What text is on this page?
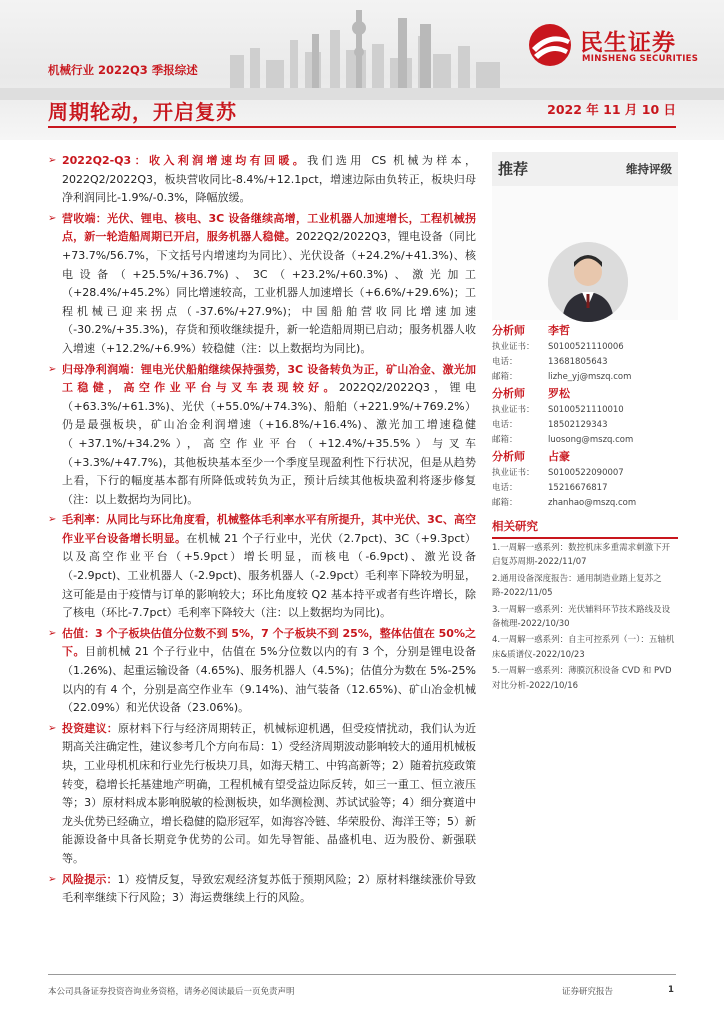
民生证券
MINSHENG SECURITIES
机械行业 2022Q3 季报综述
周期轮动，开启复苏	2022 年 11 月 10 日
➢ 2022Q2-Q3：收入利润增速均有回暖。我们选用 CS 机械为样本，2022Q2/2022Q3，板块营收同比-8.4%/+12.1pct，增速边际由负转正，板块归母净利润同比-1.9%/-0.3%，降幅放缓。
➢ 营收端：光伏、锂电、核电、3C 设备继续高增，工业机器人加速增长，工程机械拐点，新一轮造船周期已开启，服务机器人稳健。2022Q2/2022Q3，锂电设备（同比+73.7%/56.7%，下文括号内增速均为同比）、光伏设备（+24.2%/+41.3%)、核电设备（+25.5%/+36.7%)、3C（+23.2%/+60.3%)、激光加工（+28.4%/+45.2%）同比增速较高，工业机器人加速增长（+6.6%/+29.6%)；工程机械已迎来拐点（-37.6%/+27.9%)；中国船舶营收同比增速加速（-30.2%/+35.3%)，存货和预收继续提升，新一轮造船周期已启动；服务机器人收入增速（+12.2%/+6.9%）较稳健（注：以上数据均为同比)。
➢ 归母净利润端：锂电光伏船舶继续保持强势，3C 设备转负为正，矿山冶金、激光加工稳健，高空作业平台与叉车表现较好。2022Q2/2022Q3，锂电（+63.3%/+61.3%)、光伏（+55.0%/+74.3%)、船舶（+221.9%/+769.2%）仍是最强板块，矿山冶金利润增速（+16.8%/+16.4%)、激光加工增速稳健（+37.1%/+34.2%），高空作业平台（+12.4%/+35.5%）与叉车（+3.3%/+47.7%)，其他板块基本至少一个季度呈现盈利性下行状况，但是从趋势上看，下行的幅度基本都有所降低或转负为正，预计后续其他板块盈利将逐步修复（注：以上数据均为同比)。
➢ 毛利率：从同比与环比角度看，机械整体毛利率水平有所提升，其中光伏、3C、高空作业平台设备增长明显。在机械 21 个子行业中，光伏（2.7pct)、3C（+9.3pct）以及高空作业平台（+5.9pct）增长明显，而核电（-6.9pct)、激光设备（-2.9pct)、工业机器人（-2.9pct)、服务机器人（-2.9pct）毛利率下降较为明显，这可能是由于疫情与订单的影响较大；环比角度较 Q2 基本持平或者有些许增长，除了核电（环比-7.7pct）毛利率下降较大（注：以上数据均为同比)。
➢ 估值：3 个子板块估值分位数不到 5%，7 个子板块不到 25%，整体估值在 50%之下。目前机械 21 个子行业中，估值在 5%分位数以内的有 3 个，分别是锂电设备（1.26%)、起重运输设备（4.65%)、服务机器人（4.5%)；估值分为数在 5%-25%以内的有 4 个，分别是高空作业车（9.14%)、油气装备（12.65%)、矿山冶金机械（22.09%）和光伏设备（23.06%)。
➢ 投资建议：原材料下行与经济周期转正，机械标迎机遇，但受疫情扰动，我们认为近期高关注确定性，建议参考几个方向布局：1）受经济周期波动影响较大的通用机械板块，工业母机机床和行业先行板块刀具，如海天精工、中钨高新等；2）随着抗疫政策转变，稳增长托基建地产明确，工程机械有望受益边际反转，如三一重工、恒立液压等；3）原材料成本影响脱敏的检测板块，如华测检测、苏试试验等；4）细分赛道中龙头优势已经确立，增长稳健的隐形冠军，如海容冷链、华荣股份、海洋王等；5）新能源设备中具备长期竞争优势的公司。如先导智能、晶盛机电、迈为股份、新强联等。
➢ 风险提示：1）疫情反复，导致宏观经济复苏低于预期风险；2）原材料继续涨价导致毛利率继续下行风险；3）海运费继续上行的风险。
推荐	维持评级
分析师	李哲
执业证书：	S0100521110006
电话：	13681805643
邮箱：	lizhe_yj@mszq.com
分析师	罗松
执业证书：	S0100521110010
电话：	18502129343
邮箱：	luosong@mszq.com
分析师	占豪
执业证书：	S0100522090007
电话：	15216676817
邮箱：	zhanhao@mszq.com
相关研究
1.一周解一惑系列：数控机床多重需求刺激下开启复苏周期-2022/11/07
2.通用设备深度报告：通用制造业踏上复苏之路-2022/11/05
3.一周解一惑系列：光伏辅料环节技术路线及设备梳理-2022/10/30
4.一周解一惑系列：自主可控系列（一）：五轴机床&质谱仪-2022/10/23
5.一周解一惑系列：薄膜沉积设备 CVD 和 PVD 对比分析-2022/10/16
本公司具备证券投资咨询业务资格，请务必阅读最后一页免责声明	证券研究报告	1
